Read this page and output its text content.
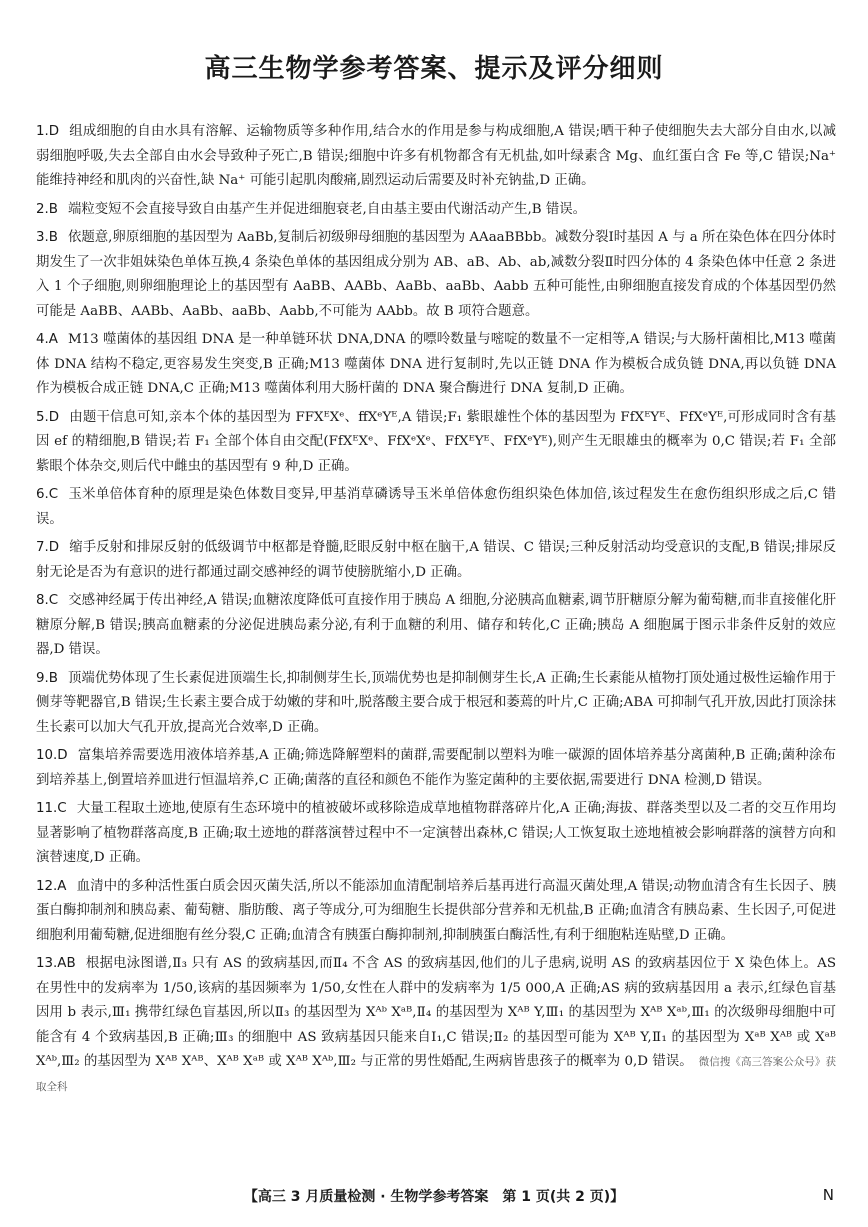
高三生物学参考答案、提示及评分细则
1.D 组成细胞的自由水具有溶解、运输物质等多种作用,结合水的作用是参与构成细胞,A 错误;晒干种子使细胞失去大部分自由水,以减弱细胞呼吸,失去全部自由水会导致种子死亡,B 错误;细胞中许多有机物都含有无机盐,如叶绿素含 Mg、血红蛋白含 Fe 等,C 错误;Na⁺ 能维持神经和肌肉的兴奋性,缺 Na⁺ 可能引起肌肉酸痛,剧烈运动后需要及时补充钠盐,D 正确。
2.B 端粒变短不会直接导致自由基产生并促进细胞衰老,自由基主要由代谢活动产生,B 错误。
3.B 依题意,卵原细胞的基因型为 AaBb,复制后初级卵母细胞的基因型为 AAaaBBbb。减数分裂Ⅰ时基因 A 与 a 所在染色体在四分体时期发生了一次非姐妹染色单体互换,4 条染色单体的基因组成分别为 AB、aB、Ab、ab,减数分裂Ⅱ时四分体的 4 条染色体中任意 2 条进入 1 个子细胞,则卵细胞理论上的基因型有 AaBB、AABb、AaBb、aaBb、Aabb 五种可能性,由卵细胞直接发育成的个体基因型仍然可能是 AaBB、AABb、AaBb、aaBb、Aabb,不可能为 AAbb。故 B 项符合题意。
4.A M13 噬菌体的基因组 DNA 是一种单链环状 DNA,DNA 的嘌呤数量与嘧啶的数量不一定相等,A 错误;与大肠杆菌相比,M13 噬菌体 DNA 结构不稳定,更容易发生突变,B 正确;M13 噬菌体 DNA 进行复制时,先以正链 DNA 作为模板合成负链 DNA,再以负链 DNA 作为模板合成正链 DNA,C 正确;M13 噬菌体利用大肠杆菌的 DNA 聚合酶进行 DNA 复制,D 正确。
5.D 由题干信息可知,亲本个体的基因型为 FFXᴱXᵉ、ffXᵉYᴱ,A 错误;F₁ 紫眼雄性个体的基因型为 FfXᴱYᴱ、FfXᵉYᴱ,可形成同时含有基因 ef 的精细胞,B 错误;若 F₁ 全部个体自由交配(FfXᴱXᵉ、FfXᵉXᵉ、FfXᴱYᴱ、FfXᵉYᴱ),则产生无眼雄虫的概率为 0,C 错误;若 F₁ 全部紫眼个体杂交,则后代中雌虫的基因型有 9 种,D 正确。
6.C 玉米单倍体育种的原理是染色体数目变异,甲基消草磷诱导玉米单倍体愈伤组织染色体加倍,该过程发生在愈伤组织形成之后,C 错误。
7.D 缩手反射和排尿反射的低级调节中枢都是脊髓,眨眼反射中枢在脑干,A 错误、C 错误;三种反射活动均受意识的支配,B 错误;排尿反射无论是否为有意识的进行都通过副交感神经的调节使膀胱缩小,D 正确。
8.C 交感神经属于传出神经,A 错误;血糖浓度降低可直接作用于胰岛 A 细胞,分泌胰高血糖素,调节肝糖原分解为葡萄糖,而非直接催化肝糖原分解,B 错误;胰高血糖素的分泌促进胰岛素分泌,有利于血糖的利用、储存和转化,C 正确;胰岛 A 细胞属于图示非条件反射的效应器,D 错误。
9.B 顶端优势体现了生长素促进顶端生长,抑制侧芽生长,顶端优势也是抑制侧芽生长,A 正确;生长素能从植物打顶处通过极性运输作用于侧芽等靶器官,B 错误;生长素主要合成于幼嫩的芽和叶,脱落酸主要合成于根冠和萎蔫的叶片,C 正确;ABA 可抑制气孔开放,因此打顶涂抹生长素可以加大气孔开放,提高光合效率,D 正确。
10.D 富集培养需要选用液体培养基,A 正确;筛选降解塑料的菌群,需要配制以塑料为唯一碳源的固体培养基分离菌种,B 正确;菌种涂布到培养基上,倒置培养皿进行恒温培养,C 正确;菌落的直径和颜色不能作为鉴定菌种的主要依据,需要进行 DNA 检测,D 错误。
11.C 大量工程取土迹地,使原有生态环境中的植被破坏或移除造成草地植物群落碎片化,A 正确;海拔、群落类型以及二者的交互作用均显著影响了植物群落高度,B 正确;取土迹地的群落演替过程中不一定演替出森林,C 错误;人工恢复取土迹地植被会影响群落的演替方向和演替速度,D 正确。
12.A 血清中的多种活性蛋白质会因灭菌失活,所以不能添加血清配制培养后基再进行高温灭菌处理,A 错误;动物血清含有生长因子、胰蛋白酶抑制剂和胰岛素、葡萄糖、脂肪酸、离子等成分,可为细胞生长提供部分营养和无机盐,B 正确;血清含有胰岛素、生长因子,可促进细胞利用葡萄糖,促进细胞有丝分裂,C 正确;血清含有胰蛋白酶抑制剂,抑制胰蛋白酶活性,有利于细胞粘连贴壁,D 正确。
13.AB 根据电泳图谱,Ⅱ₃ 只有 AS 的致病基因,而Ⅱ₄ 不含 AS 的致病基因,他们的儿子患病,说明 AS 的致病基因位于 X 染色体上。AS 在男性中的发病率为 1/50,该病的基因频率为 1/50,女性在人群中的发病率为 1/5 000,A 正确;AS 病的致病基因用 a 表示,红绿色盲基因用 b 表示,Ⅲ₁ 携带红绿色盲基因,所以Ⅱ₃ 的基因型为 Xᴬᵇ Xᵃᴮ,Ⅱ₄ 的基因型为 Xᴬᴮ Y,Ⅲ₁ 的基因型为 Xᴬᴮ Xᵃᵇ,Ⅲ₁ 的次级卵母细胞中可能含有 4 个致病基因,B 正确;Ⅲ₃ 的细胞中 AS 致病基因只能来自Ⅰ₁,C 错误;Ⅱ₂ 的基因型可能为 Xᴬᴮ Y,Ⅱ₁ 的基因型为 Xᵃᴮ Xᴬᴮ 或 Xᵃᴮ Xᴬᵇ,Ⅲ₂ 的基因型为 Xᴬᴮ Xᴬᴮ、Xᴬᴮ Xᵃᴮ 或 Xᴬᴮ Xᴬᵇ,Ⅲ₂ 与正常的男性婚配,生两病皆患孩子的概率为 0,D 错误。 微信搜《高三答案公众号》获取全科
【高三 3 月质量检测 · 生物学参考答案　第 1 页(共 2 页)】	N
